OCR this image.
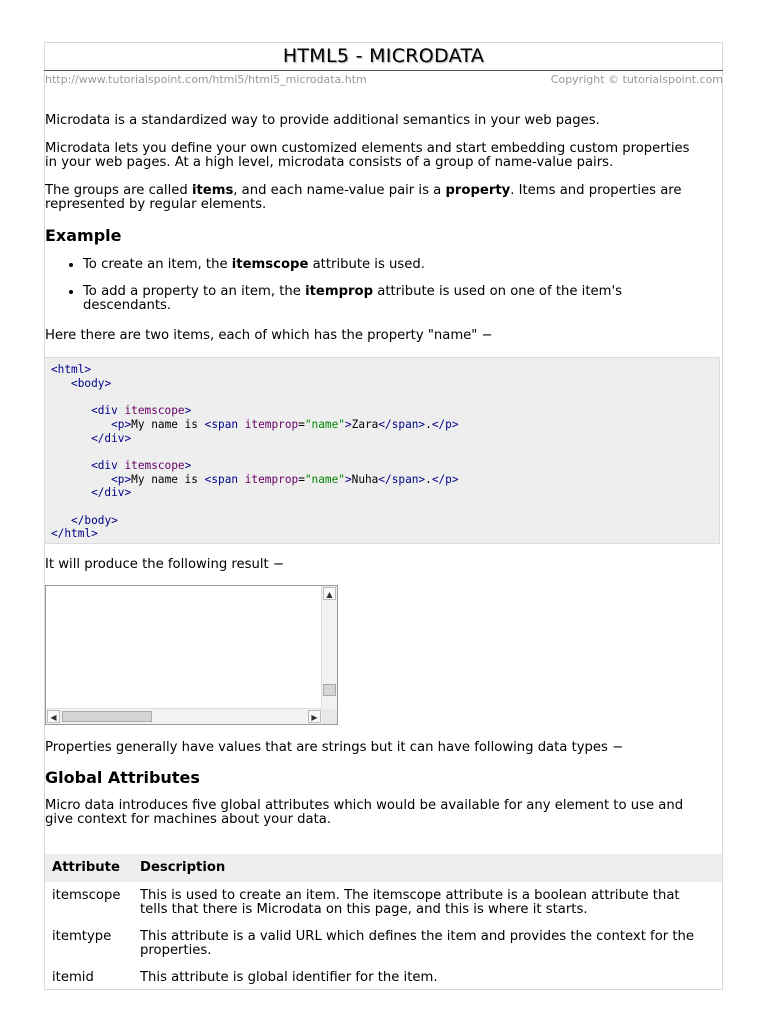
HTML5 - MICRODATA
http://www.tutorialspoint.com/html5/html5_microdata.htm	Copyright © tutorialspoint.com
Microdata is a standardized way to provide additional semantics in your web pages.
Microdata lets you define your own customized elements and start embedding custom properties
in your web pages. At a high level, microdata consists of a group of name-value pairs.
The groups are called items, and each name-value pair is a property. Items and properties are
represented by regular elements.
Example
• To create an item, the itemscope attribute is used.
• To add a property to an item, the itemprop attribute is used on one of the item's
descendants.
Here there are two items, each of which has the property "name" −
<html>
<body>

<div itemscope>
<p>My name is <span itemprop="name">Zara</span>.</p>
</div>

<div itemscope>
<p>My name is <span itemprop="name">Nuha</span>.</p>
</div>

</body>
</html>
It will produce the following result −
▲
◀	▶
Properties generally have values that are strings but it can have following data types −
Global Attributes
Micro data introduces five global attributes which would be available for any element to use and
give context for machines about your data.
Attribute	Description
itemscope	This is used to create an item. The itemscope attribute is a boolean attribute that
tells that there is Microdata on this page, and this is where it starts.

itemtype	This attribute is a valid URL which defines the item and provides the context for the
properties.

itemid	This attribute is global identifier for the item.
